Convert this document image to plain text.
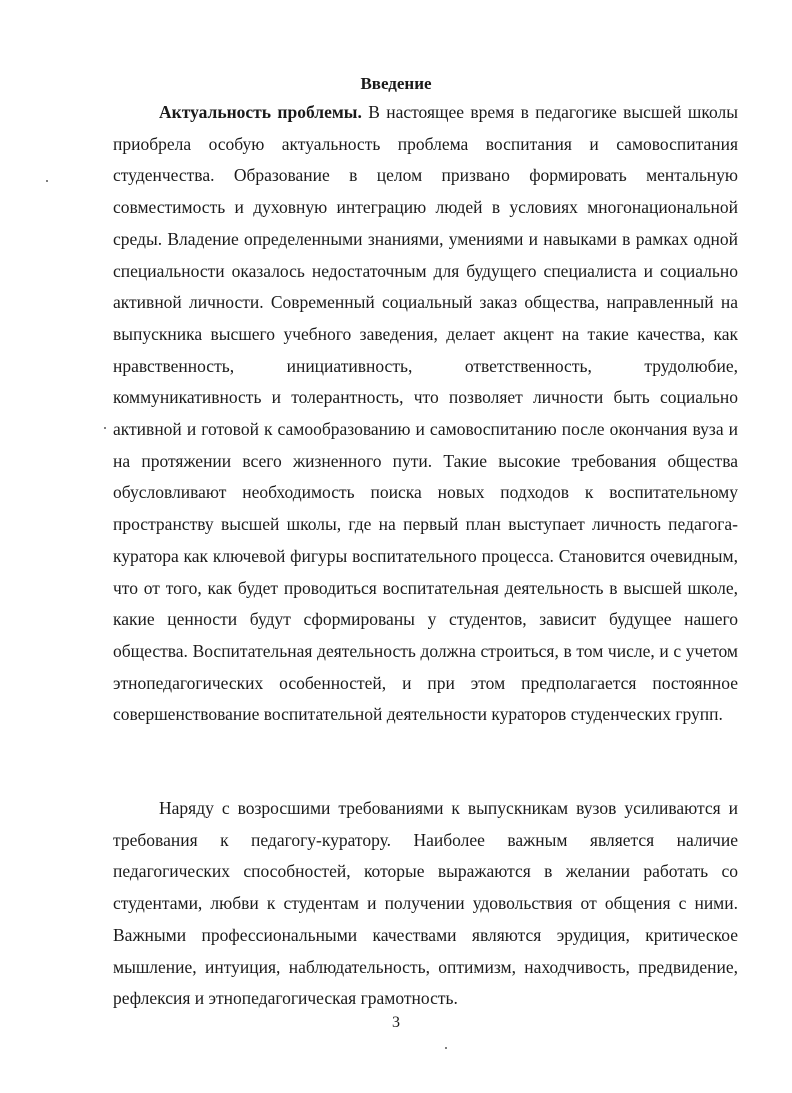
Введение

Актуальность проблемы. В настоящее время в педагогике высшей школы приобрела особую актуальность проблема воспитания и самовоспитания студенчества. Образование в целом призвано формировать ментальную совместимость и духовную интеграцию людей в условиях многонациональной среды. Владение определенными знаниями, умениями и навыками в рамках одной специальности оказалось недостаточным для будущего специалиста и социально активной личности. Современный социальный заказ общества, направленный на выпускника высшего учебного заведения, делает акцент на такие качества, как нравственность, инициативность, ответственность, трудолюбие, коммуникативность и толерантность, что позволяет личности быть социально активной и готовой к самообразованию и самовоспитанию после окончания вуза и на протяжении всего жизненного пути. Такие высокие требования общества обусловливают необходимость поиска новых подходов к воспитательному пространству высшей школы, где на первый план выступает личность педагога-куратора как ключевой фигуры воспитательного процесса. Становится очевидным, что от того, как будет проводиться воспитательная деятельность в высшей школе, какие ценности будут сформированы у студентов, зависит будущее нашего общества. Воспитательная деятельность должна строиться, в том числе, и с учетом этнопедагогических особенностей, и при этом предполагается постоянное совершенствование воспитательной деятельности кураторов студенческих групп.

Наряду с возросшими требованиями к выпускникам вузов усиливаются и требования к педагогу-куратору. Наиболее важным является наличие педагогических способностей, которые выражаются в желании работать со студентами, любви к студентам и получении удовольствия от общения с ними. Важными профессиональными качествами являются эрудиция, критическое мышление, интуиция, наблюдательность, оптимизм, находчивость, предвидение, рефлексия и этнопедагогическая грамотность.

3
